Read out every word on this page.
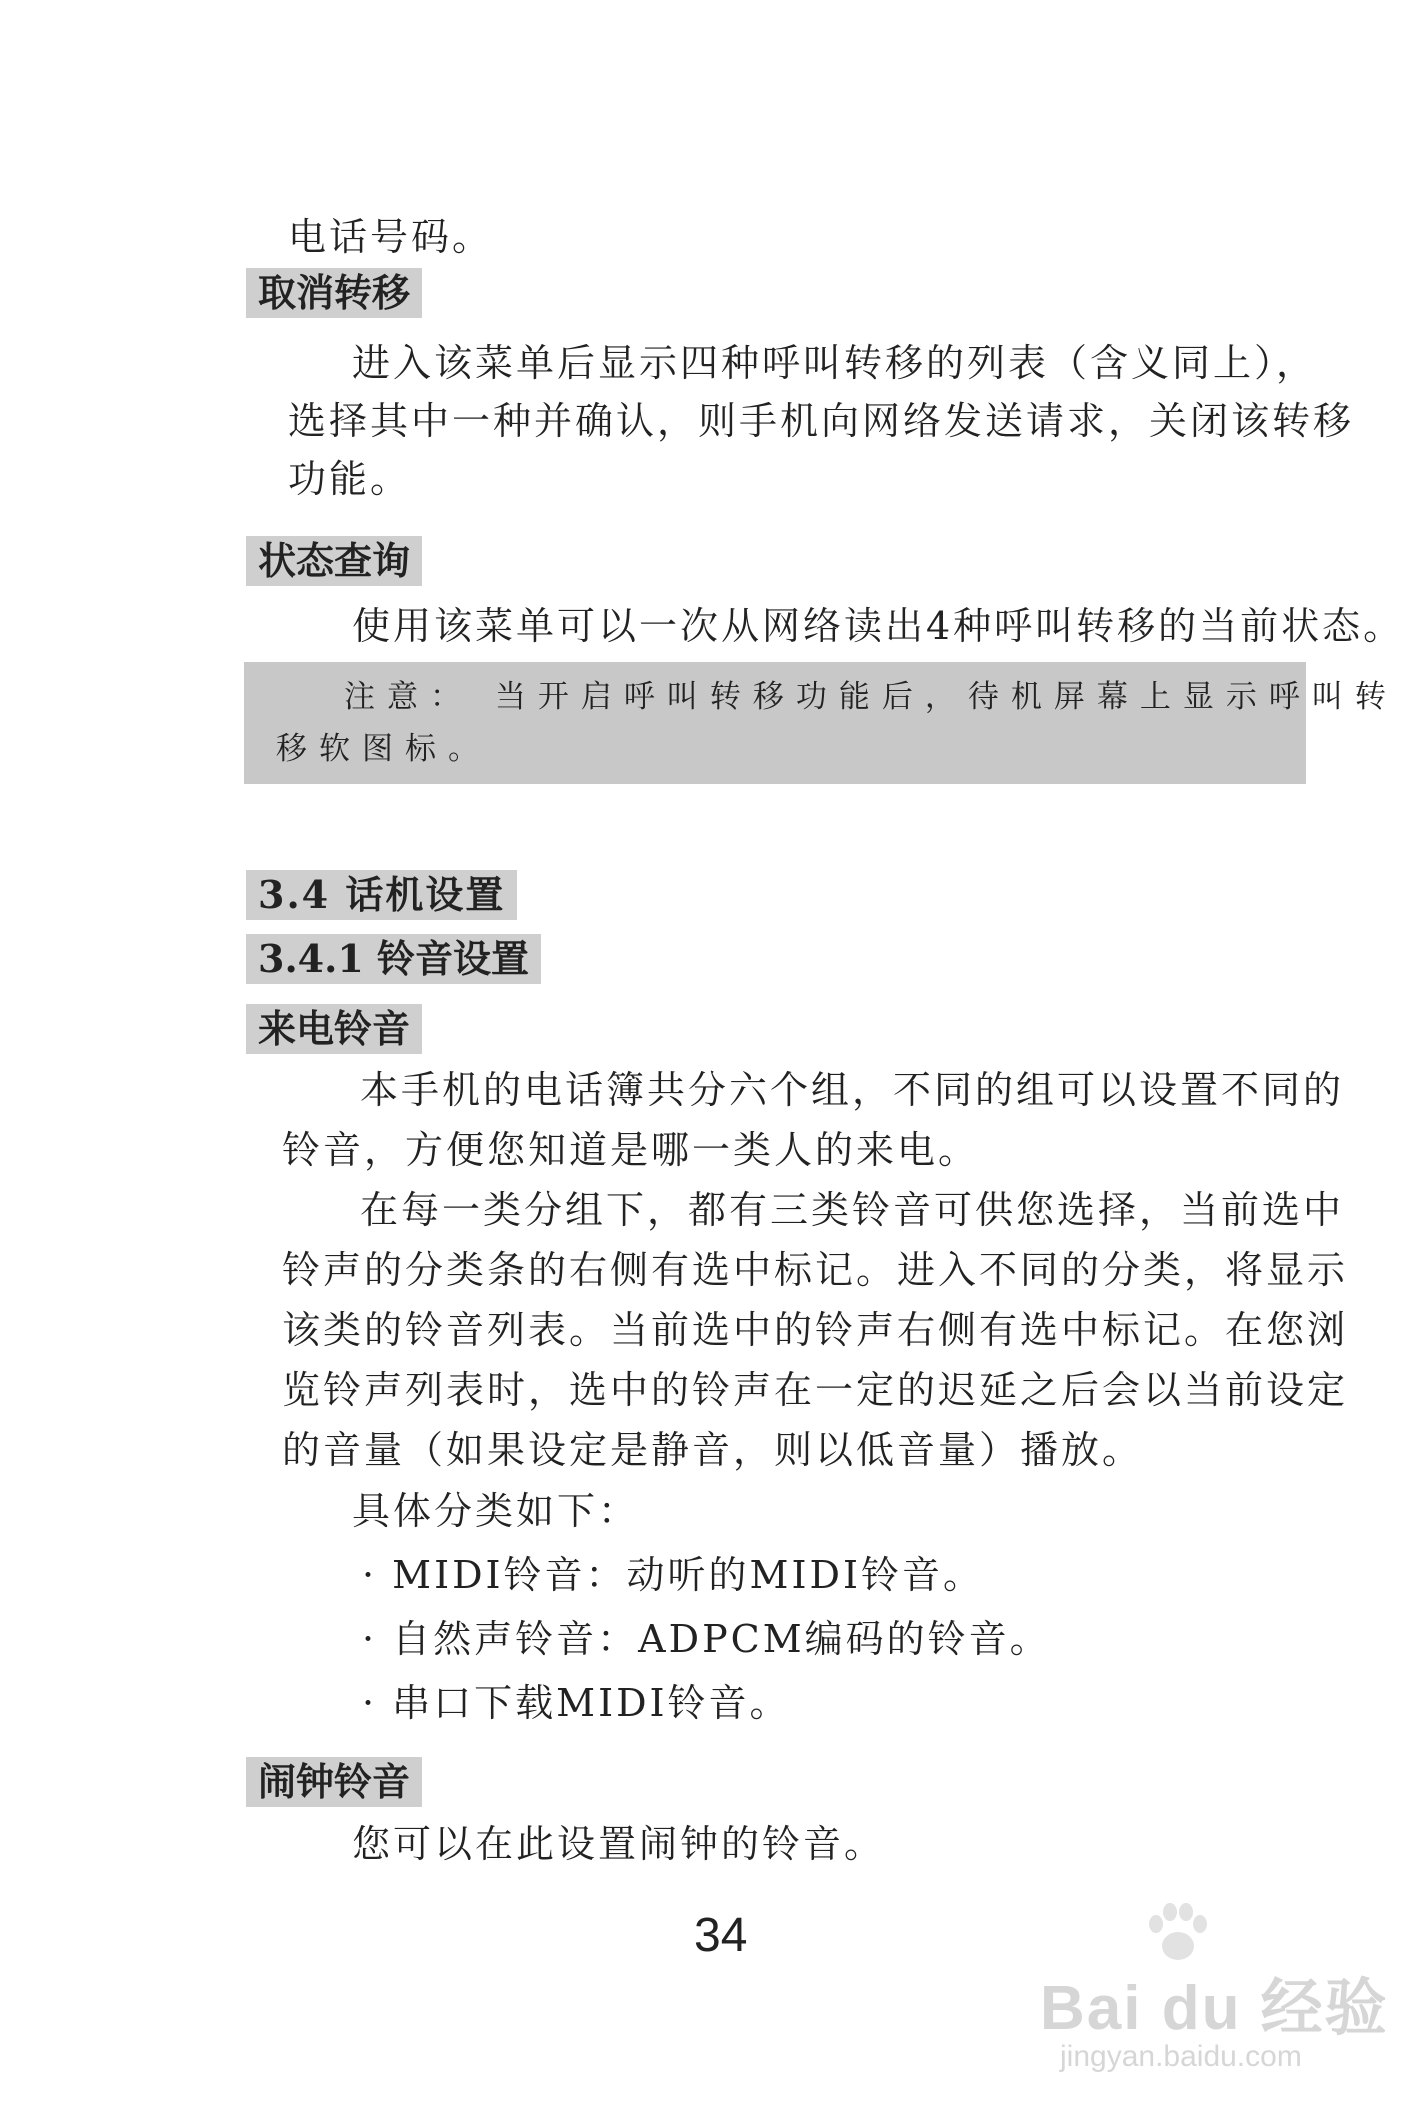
电话号码。
取消转移
进入该菜单后显示四种呼叫转移的列表（含义同上），
选择其中一种并确认，则手机向网络发送请求，关闭该转移
功能。
状态查询
使用该菜单可以一次从网络读出4种呼叫转移的当前状态。
注意： 当开启呼叫转移功能后，待机屏幕上显示呼叫转
移软图标。
3.4 话机设置
3.4.1 铃音设置
来电铃音
本手机的电话簿共分六个组，不同的组可以设置不同的
铃音，方便您知道是哪一类人的来电。
在每一类分组下，都有三类铃音可供您选择，当前选中
铃声的分类条的右侧有选中标记。进入不同的分类，将显示
该类的铃音列表。当前选中的铃声右侧有选中标记。在您浏
览铃声列表时，选中的铃声在一定的迟延之后会以当前设定
的音量（如果设定是静音，则以低音量）播放。
具体分类如下：
· MIDI铃音：动听的MIDI铃音。
· 自然声铃音：ADPCM编码的铃音。
· 串口下载MIDI铃音。
闹钟铃音
您可以在此设置闹钟的铃音。
34
Bai du 经验
jingyan.baidu.com
